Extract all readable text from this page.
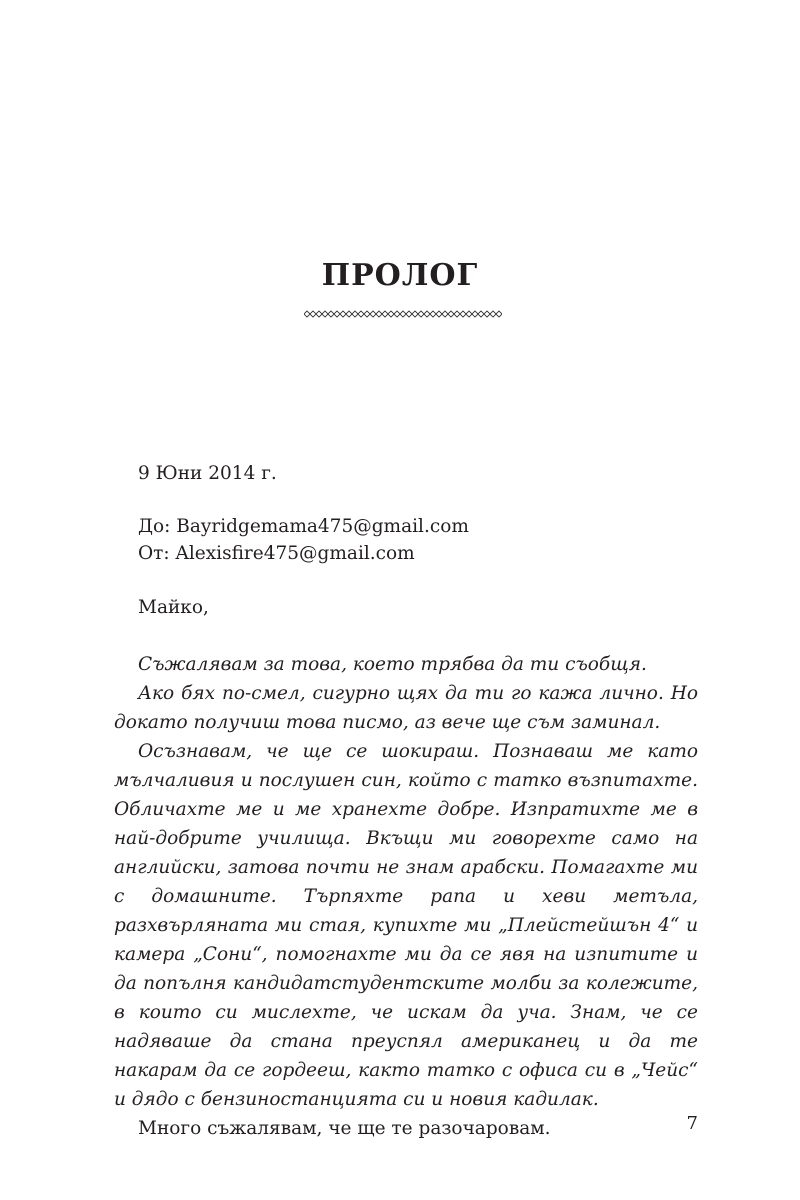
ПРОЛОГ
9 Юни 2014 г.
До: Bayridgemama475@gmail.com
От: Alexisfire475@gmail.com
Майко,

Съжалявам за това, което трябва да ти съобщя.

Ако бях по-смел, сигурно щях да ти го кажа лично. Но докато получиш това писмо, аз вече ще съм заминал.

Осъзнавам, че ще се шокираш. Познаваш ме като мълчаливия и послушен син, който с татко възпитахте. Обличахте ме и ме хранехте добре. Изпратихте ме в най-добрите училища. Вкъщи ми говорехте само на английски, затова почти не знам арабски. Помагахте ми с домашните. Търпяхте рапа и хеви метъла, разхвърляната ми стая, купихте ми „Плейстейшън 4“ и камера „Сони“, помогнахте ми да се явя на изпитите и да попълня кандидатстудентските молби за колежите, в които си мислехте, че искам да уча. Знам, че се надяваше да стана преуспял американец и да те накарам да се гордееш, както татко с офиса си в „Чейс“ и дядо с бензиностанцията си и новия кадилак.

Много съжалявам, че ще те разочаровам.	7
